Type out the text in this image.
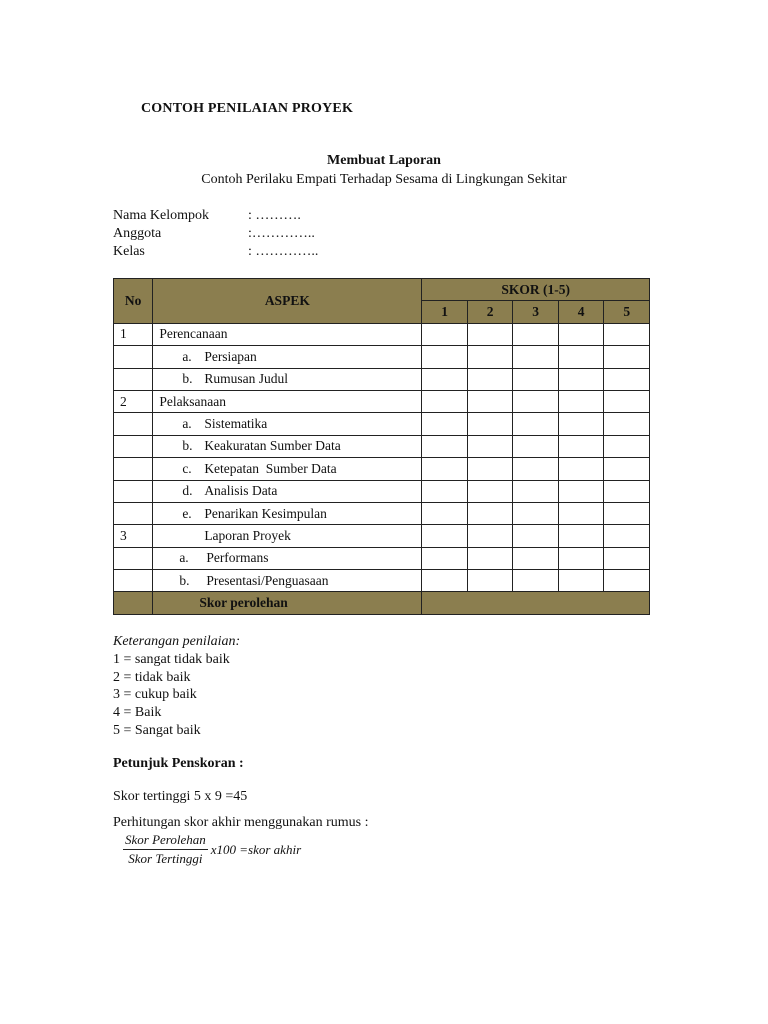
CONTOH PENILAIAN PROYEK
Membuat Laporan
Contoh Perilaku Empati Terhadap Sesama di Lingkungan Sekitar
Nama Kelompok	: ……….
Anggota	:…………..
Kelas	: …………..
No	ASPEK	SKOR (1-5)				
		1	2	3	4	5
1	Perencanaan					
	a. Persiapan					
	b. Rumusan Judul					
2	Pelaksanaan					
	a. Sistematika					
	b. Keakuratan Sumber Data					
	c. Ketepatan  Sumber Data					
	d. Analisis Data					
	e. Penarikan Kesimpulan					
3	Laporan Proyek					
	a. Performans					
	b. Presentasi/Penguasaan					
	Skor perolehan					
Keterangan penilaian:
1 = sangat tidak baik
2 = tidak baik
3 = cukup baik
4 = Baik
5 = Sangat baik
Petunjuk Penskoran :
Skor tertinggi 5 x 9 =45
Perhitungan skor akhir menggunakan rumus :
$\frac{\text{Skor Perolehan}}{\text{Skor Tertinggi}} x100$ =skor akhir
